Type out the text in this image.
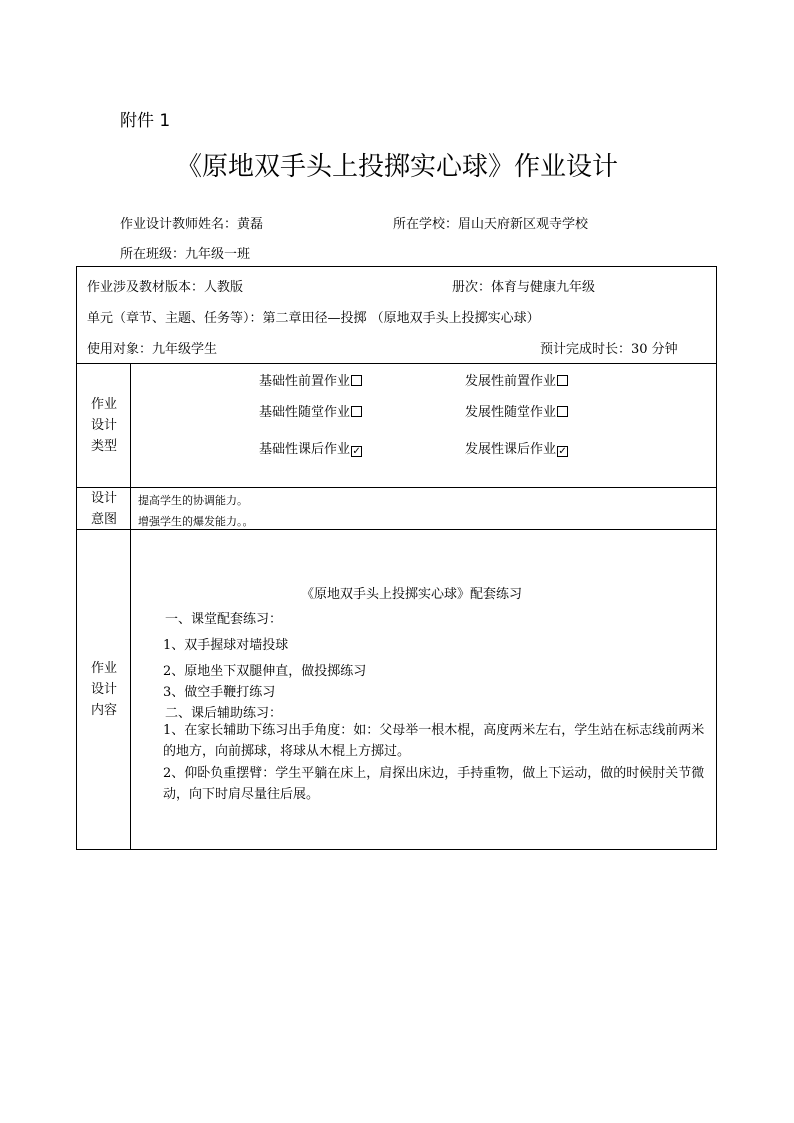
附件 1
《原地双手头上投掷实心球》作业设计
作业设计教师姓名：黄磊	所在学校：眉山天府新区观寺学校
所在班级：九年级一班
作业涉及教材版本：人教版	册次：体育与健康九年级
单元（章节、主题、任务等）：第二章田径—投掷 （原地双手头上投掷实心球）
使用对象：九年级学生	预计完成时长：30 分钟
作业
设计
类型
基础性前置作业	发展性前置作业
基础性随堂作业	发展性随堂作业
基础性课后作业 ✓	发展性课后作业 ✓
设计
意图
提高学生的协调能力。
增强学生的爆发能力。。
作业
设计
内容
《原地双手头上投掷实心球》配套练习
一、课堂配套练习：
1、双手握球对墙投球
2、原地坐下双腿伸直，做投掷练习
3、做空手鞭打练习
二、课后辅助练习：
1、在家长辅助下练习出手角度：如：父母举一根木棍，高度两米左右，学生站在标志线前两米的地方，向前掷球，将球从木棍上方掷过。
2、仰卧负重摆臂：学生平躺在床上，肩探出床边，手持重物，做上下运动，做的时候肘关节微动，向下时肩尽量往后展。
